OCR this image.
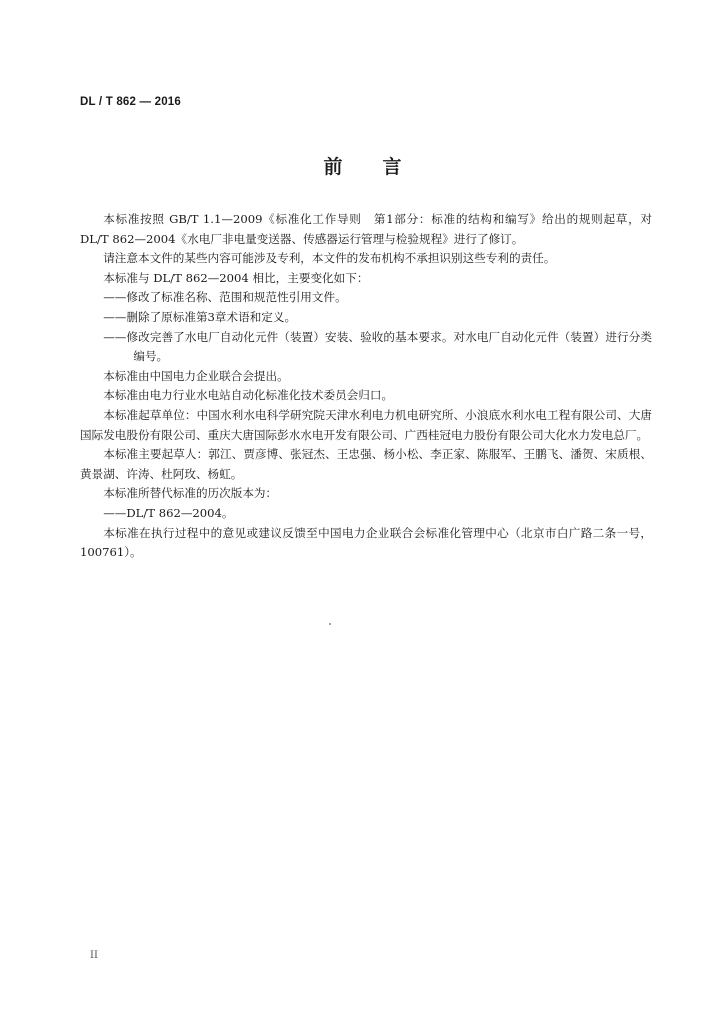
DL / T 862 — 2016
前言

本标准按照 GB/T 1.1—2009《标准化工作导则　第1部分：标准的结构和编写》给出的规则起草，对 DL/T 862—2004《水电厂非电量变送器、传感器运行管理与检验规程》进行了修订。

请注意本文件的某些内容可能涉及专利，本文件的发布机构不承担识别这些专利的责任。

本标准与 DL/T 862—2004 相比，主要变化如下：

——修改了标准名称、范围和规范性引用文件。

——删除了原标准第3章术语和定义。

——修改完善了水电厂自动化元件（装置）安装、验收的基本要求。对水电厂自动化元件（装置）进行分类编号。

本标准由中国电力企业联合会提出。

本标准由电力行业水电站自动化标准化技术委员会归口。

本标准起草单位：中国水利水电科学研究院天津水利电力机电研究所、小浪底水利水电工程有限公司、大唐国际发电股份有限公司、重庆大唐国际彭水水电开发有限公司、广西桂冠电力股份有限公司大化水力发电总厂。

本标准主要起草人：郭江、贾彦博、张冠杰、王忠强、杨小松、李正家、陈服军、王鹏飞、潘贺、宋质根、黄景湖、许涛、杜阿玫、杨虹。

本标准所替代标准的历次版本为：

——DL/T 862—2004。

本标准在执行过程中的意见或建议反馈至中国电力企业联合会标准化管理中心（北京市白广路二条一号，100761）。

II
